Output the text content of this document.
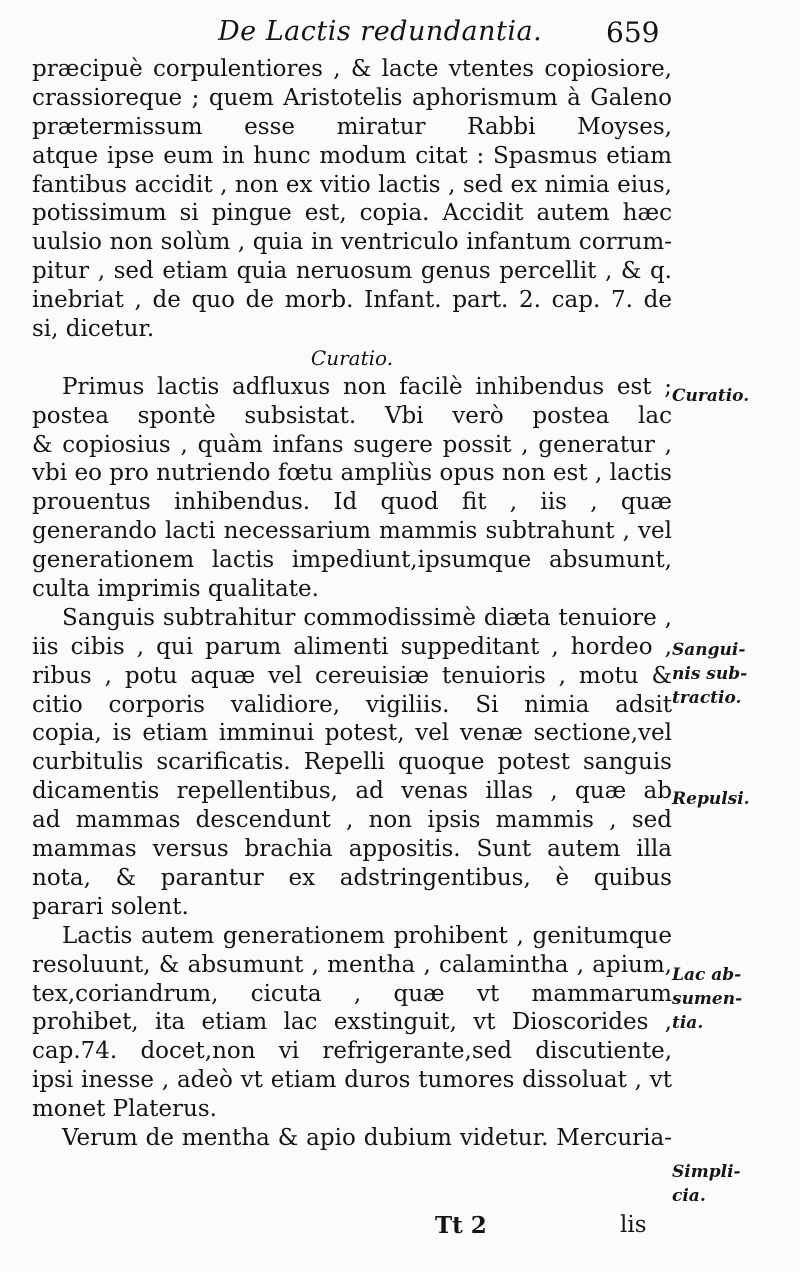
De Lactis redundantia. 659
præcipuè corpulentiores , & lacte vtentes copiosiore,
crassioreque ; quem Aristotelis aphorismum à Galeno
prætermissum esse miratur Rabbi Moyses,
atque ipse eum in hunc modum citat : Spasmus etiam
fantibus accidit , non ex vitio lactis , sed ex nimia eius,
potissimum si pingue est, copia. Accidit autem hæc
uulsio non solùm , quia in ventriculo infantum corrum-
pitur , sed etiam quia neruosum genus percellit , & q.
inebriat , de quo de morb. Infant. part. 2. cap. 7. de
si, dicetur.
Curatio.
Primus lactis adfluxus non facilè inhibendus est ;
postea spontè subsistat. Vbi verò postea lac
& copiosius , quàm infans sugere possit , generatur ,
vbi eo pro nutriendo fœtu ampliùs opus non est , lactis
prouentus inhibendus. Id quod fit , iis , quæ
generando lacti necessarium mammis subtrahunt , vel
generationem lactis impediunt,ipsumque absumunt,
culta imprimis qualitate.
Sanguis subtrahitur commodissimè diæta tenuiore ,
iis cibis , qui parum alimenti suppeditant , hordeo ,
ribus , potu aquæ vel cereuisiæ tenuioris , motu &
citio corporis validiore, vigiliis. Si nimia adsit
copia, is etiam imminui potest, vel venæ sectione,vel
curbitulis scarificatis. Repelli quoque potest sanguis
dicamentis repellentibus, ad venas illas , quæ ab
ad mammas descendunt , non ipsis mammis , sed
mammas versus brachia appositis. Sunt autem illa
nota, & parantur ex adstringentibus, è quibus
parari solent.
Lactis autem generationem prohibent , genitumque
resoluunt, & absumunt , mentha , calamintha , apium,
tex,coriandrum, cicuta , quæ vt mammarum
prohibet, ita etiam lac exstinguit, vt Dioscorides ,
cap.74. docet,non vi refrigerante,sed discutiente,
ipsi inesse , adeò vt etiam duros tumores dissoluat , vt
monet Platerus.
Verum de mentha & apio dubium videtur. Mercuria-
Curatio.
Sangui-
nis sub-
tractio.
Repulsi.
Lac ab-
sumen-
tia.
Simpli-
cia.
Tt 2	lis
